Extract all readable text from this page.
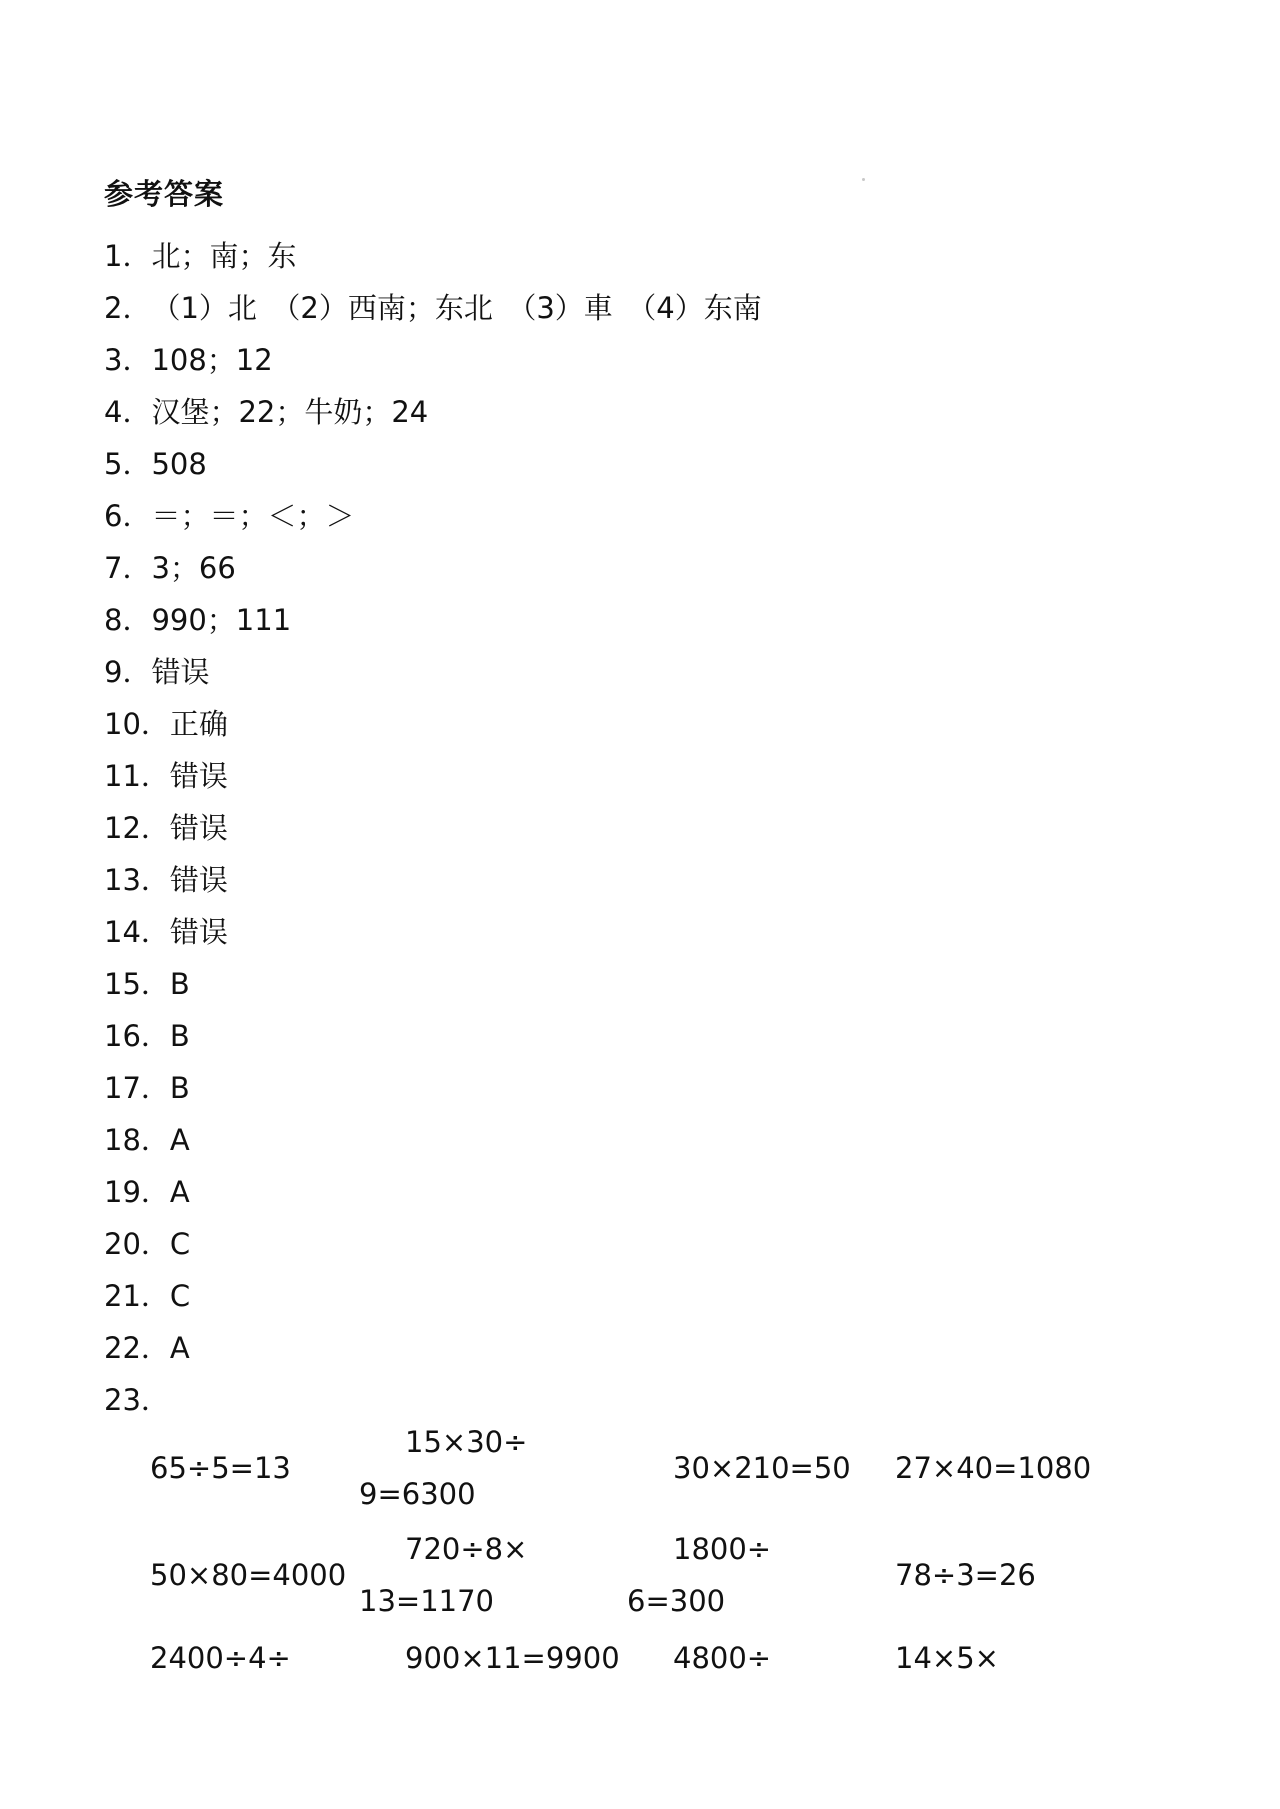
参考答案
1．北；南；东
2．（1）北　（2）西南；东北　（3）車　（4）东南
3．108；12
4．汉堡；22；牛奶；24
5．508
6．＝；＝；＜；＞
7．3；66
8．990；111
9．错误
10．正确
11．错误
12．错误
13．错误
14．错误
15．B
16．B
17．B
18．A
19．A
20．C
21．C
22．A
23．
65÷5=13
15×30÷
9=6300
30×210=50 27×40=1080
50×80=4000
720÷8×
13=1170
1800÷
6=300
78÷3=26
2400÷4÷	900×11=9900 4800÷	14×5×
